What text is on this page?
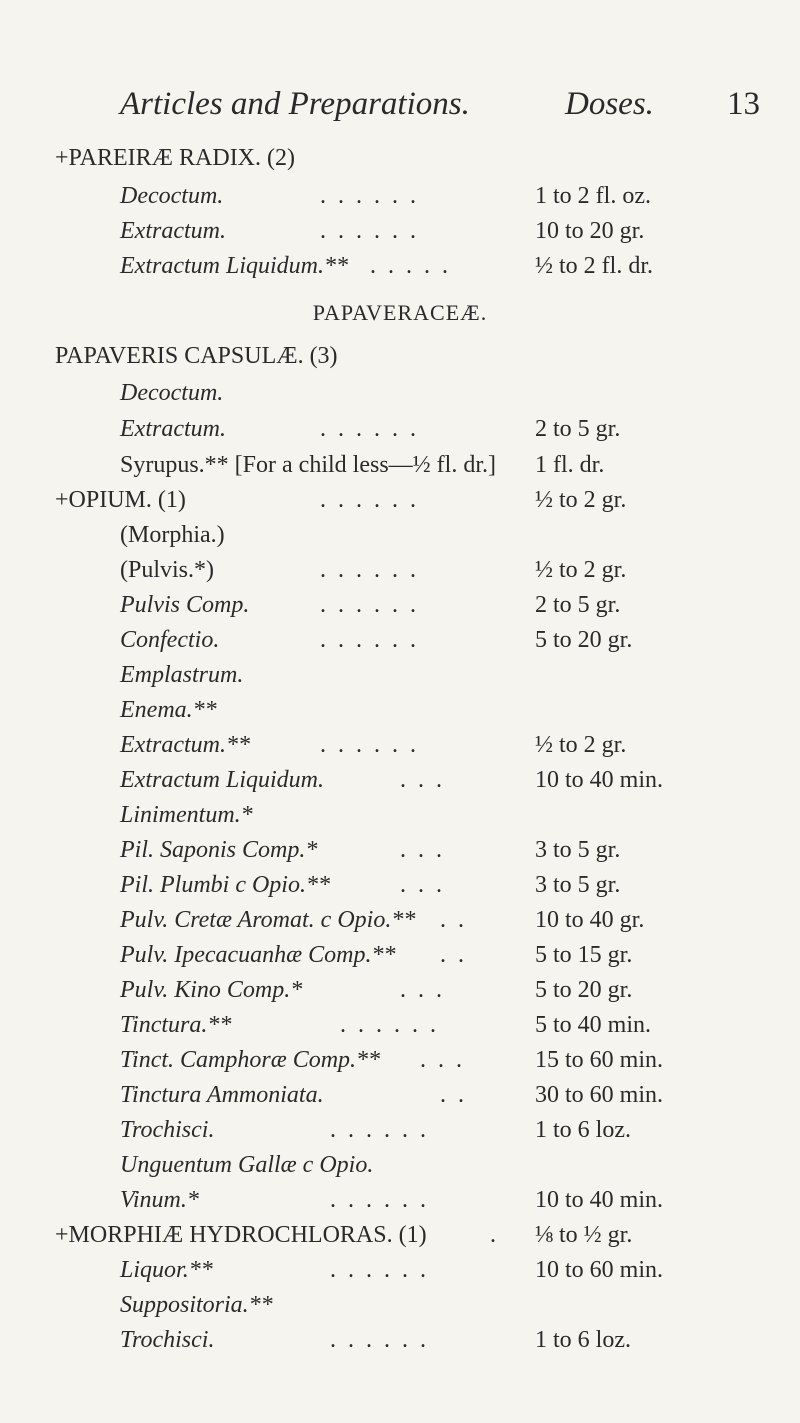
Articles and Preparations.	Doses. 13
+PAREIRÆ RADIX. (2)
Decoctum.	......	1 to 2 fl. oz.
Extractum.	......	10 to 20 gr.
Extractum Liquidum.** .....	½ to 2 fl. dr.
PAPAVERACEÆ.
PAPAVERIS CAPSULÆ. (3)
Decoctum.
Extractum.	......	2 to 5 gr.
Syrupus.** [For a child less—½ fl. dr.] 1 fl. dr.
+OPIUM. (1)	......	½ to 2 gr.
(Morphia.)
(Pulvis.*)	......	½ to 2 gr.
Pulvis Comp.	......	2 to 5 gr.
Confectio.	......	5 to 20 gr.
Emplastrum.
Enema.**
Extractum.**	......	½ to 2 gr.
Extractum Liquidum.	...	10 to 40 min.
Linimentum.*
Pil. Saponis Comp.*	...	3 to 5 gr.
Pil. Plumbi c Opio.**	...	3 to 5 gr.
Pulv. Cretæ Aromat. c Opio.** .. 10 to 40 gr.
Pulv. Ipecacuanhæ Comp.** .. 5 to 15 gr.
Pulv. Kino Comp.*	...	5 to 20 gr.
Tinctura.**	......	5 to 40 min.
Tinct. Camphoræ Comp.** ...	15 to 60 min.
Tinctura Ammoniata.	.. 30 to 60 min.
Trochisci.	......	1 to 6 loz.
Unguentum Gallæ c Opio.
Vinum.*	......	10 to 40 min.
+MORPHIÆ HYDROCHLORAS. (1)	. ⅛ to ½ gr.
Liquor.**	......	10 to 60 min.
Suppositoria.**
Trochisci.	......	1 to 6 loz.
